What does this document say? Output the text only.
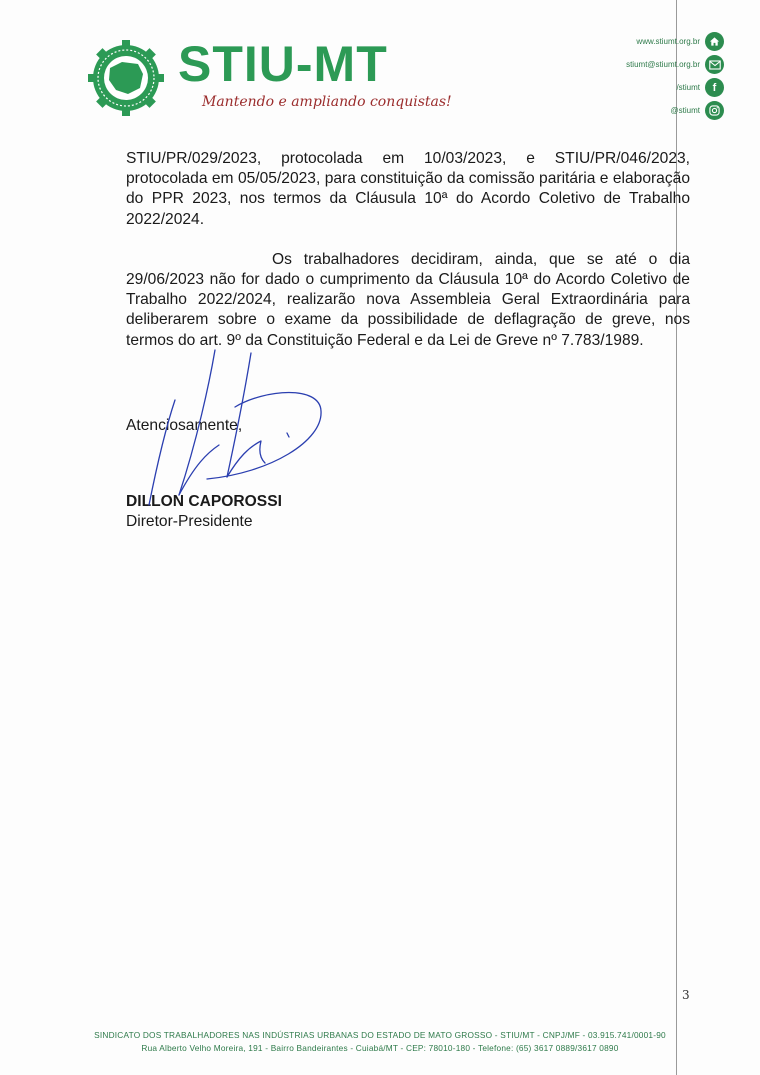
STIU-MT
Mantendo e ampliando conquistas!
www.stiumt.org.br
stiumt@stiumt.org.br
/stiumt	f
@stiumt

STIU/PR/029/2023, protocolada em 10/03/2023, e STIU/PR/046/2023, protocolada em 05/05/2023, para constituição da comissão paritária e elaboração do PPR 2023, nos termos da Cláusula 10ª do Acordo Coletivo de Trabalho 2022/2024.

Os trabalhadores decidiram, ainda, que se até o dia 29/06/2023 não for dado o cumprimento da Cláusula 10ª do Acordo Coletivo de Trabalho 2022/2024, realizarão nova Assembleia Geral Extraordinária para deliberarem sobre o exame da possibilidade de deflagração de greve, nos termos do art. 9º da Constituição Federal e da Lei de Greve nº 7.783/1989.

Atenciosamente,
DILLON CAPOROSSI
Diretor-Presidente
3
SINDICATO DOS TRABALHADORES NAS INDÚSTRIAS URBANAS DO ESTADO DE MATO GROSSO - STIU/MT - CNPJ/MF - 03.915.741/0001-90
Rua Alberto Velho Moreira, 191 - Bairro Bandeirantes - Cuiabá/MT - CEP: 78010-180 - Telefone: (65) 3617 0889/3617 0890
